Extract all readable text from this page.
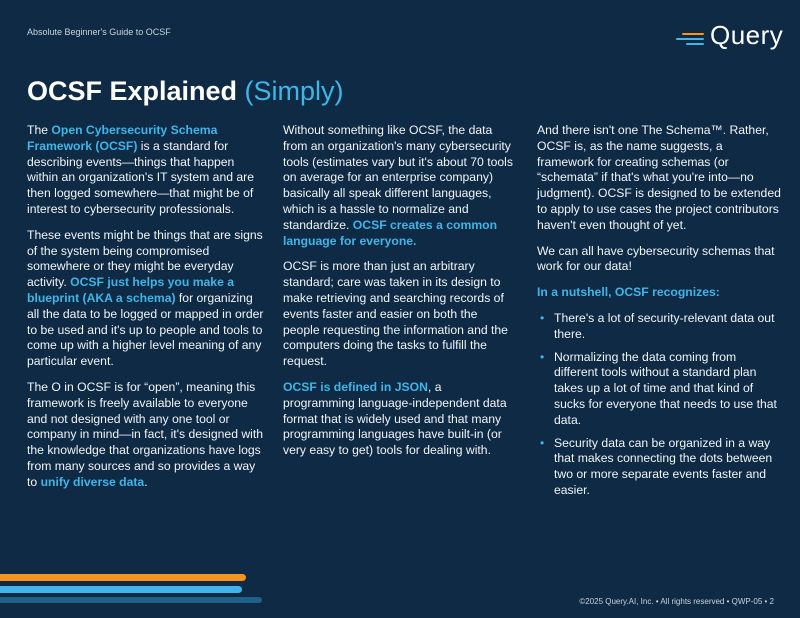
Absolute Beginner's Guide to OCSF	Query
OCSF Explained (Simply)

The Open Cybersecurity Schema Framework (OCSF) is a standard for describing events—things that happen within an organization's IT system and are then logged somewhere—that might be of interest to cybersecurity professionals.

These events might be things that are signs of the system being compromised somewhere or they might be everyday activity. OCSF just helps you make a blueprint (AKA a schema) for organizing all the data to be logged or mapped in order to be used and it's up to people and tools to come up with a higher level meaning of any particular event.

The O in OCSF is for “open”, meaning this framework is freely available to everyone and not designed with any one tool or company in mind—in fact, it's designed with the knowledge that organizations have logs from many sources and so provides a way to unify diverse data.

Without something like OCSF, the data from an organization's many cybersecurity tools (estimates vary but it's about 70 tools on average for an enterprise company) basically all speak different languages, which is a hassle to normalize and standardize. OCSF creates a common language for everyone.

OCSF is more than just an arbitrary standard; care was taken in its design to make retrieving and searching records of events faster and easier on both the people requesting the information and the computers doing the tasks to fulfill the request.

OCSF is defined in JSON, a programming language-independent data format that is widely used and that many programming languages have built-in (or very easy to get) tools for dealing with.

And there isn't one The Schema™. Rather, OCSF is, as the name suggests, a framework for creating schemas (or “schemata” if that's what you're into—no judgment). OCSF is designed to be extended to apply to use cases the project contributors haven't even thought of yet.

We can all have cybersecurity schemas that work for our data!

In a nutshell, OCSF recognizes:

• There's a lot of security-relevant data out there.
• Normalizing the data coming from different tools without a standard plan takes up a lot of time and that kind of sucks for everyone that needs to use that data.
• Security data can be organized in a way that makes connecting the dots between two or more separate events faster and easier.
©2025 Query.AI, Inc. • All rights reserved • QWP-05 • 2
